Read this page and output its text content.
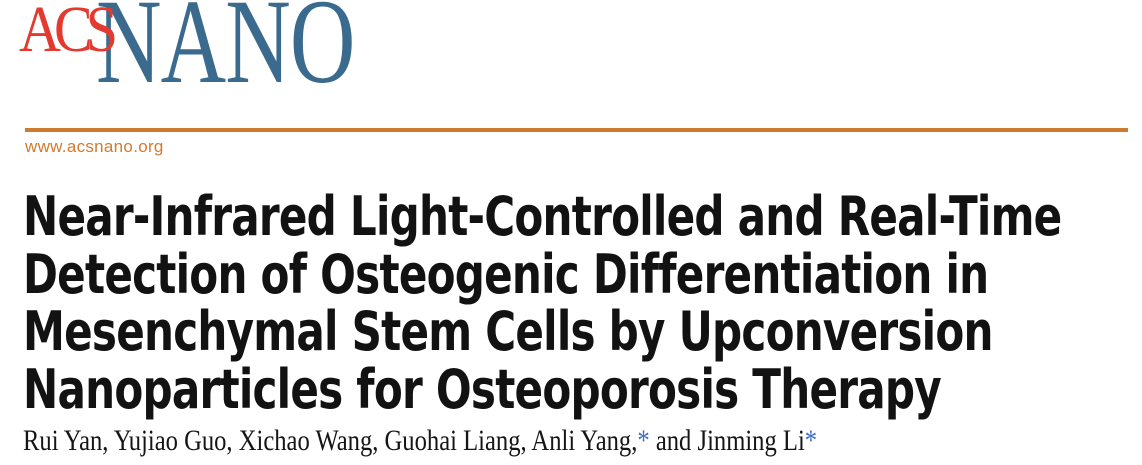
ACS
NANO
www.acsnano.org
Near-Infrared Light-Controlled and Real-Time
Detection of Osteogenic Differentiation in
Mesenchymal Stem Cells by Upconversion
Nanoparticles for Osteoporosis Therapy
Rui Yan, Yujiao Guo, Xichao Wang, Guohai Liang, Anli Yang,* and Jinming Li*
